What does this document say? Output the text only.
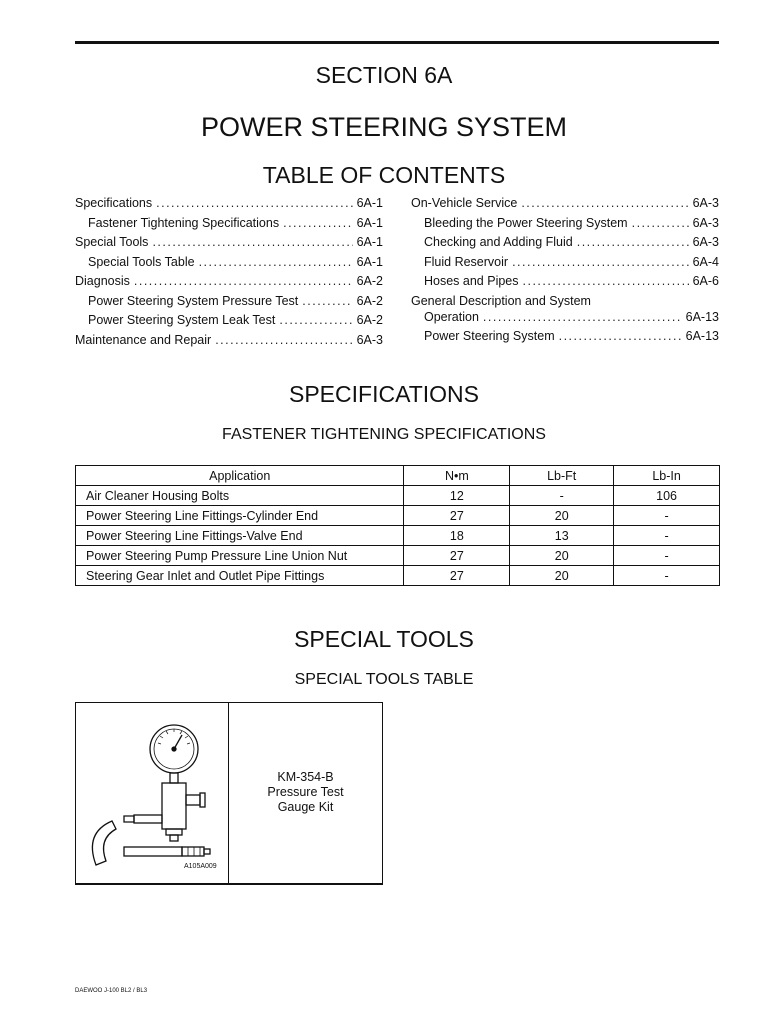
SECTION 6A
POWER STEERING SYSTEM
TABLE OF CONTENTS
Specifications .....	6A-1
Fastener Tightening Specifications .....	6A-1
Special Tools .....	6A-1
Special Tools Table .....	6A-1
Diagnosis .....	6A-2
Power Steering System Pressure Test .....	6A-2
Power Steering System Leak Test .....	6A-2
Maintenance and Repair .....	6A-3
On-Vehicle Service .....	6A-3
Bleeding the Power Steering System .....	6A-3
Checking and Adding Fluid .....	6A-3
Fluid Reservoir .....	6A-4
Hoses and Pipes .....	6A-6
General Description and System
Operation .....	6A-13
Power Steering System .....	6A-13
SPECIFICATIONS
FASTENER TIGHTENING SPECIFICATIONS
Application	N•m	Lb-Ft	Lb-In
Air Cleaner Housing Bolts	12	-	106
Power Steering Line Fittings-Cylinder End	27	20	-
Power Steering Line Fittings-Valve End	18	13	-
Power Steering Pump Pressure Line Union Nut	27	20	-
Steering Gear Inlet and Outlet Pipe Fittings	27	20	-
SPECIAL TOOLS
SPECIAL TOOLS TABLE
A105A009
KM-354-B
Pressure Test
Gauge Kit
DAEWOO J-100 BL2 / BL3
